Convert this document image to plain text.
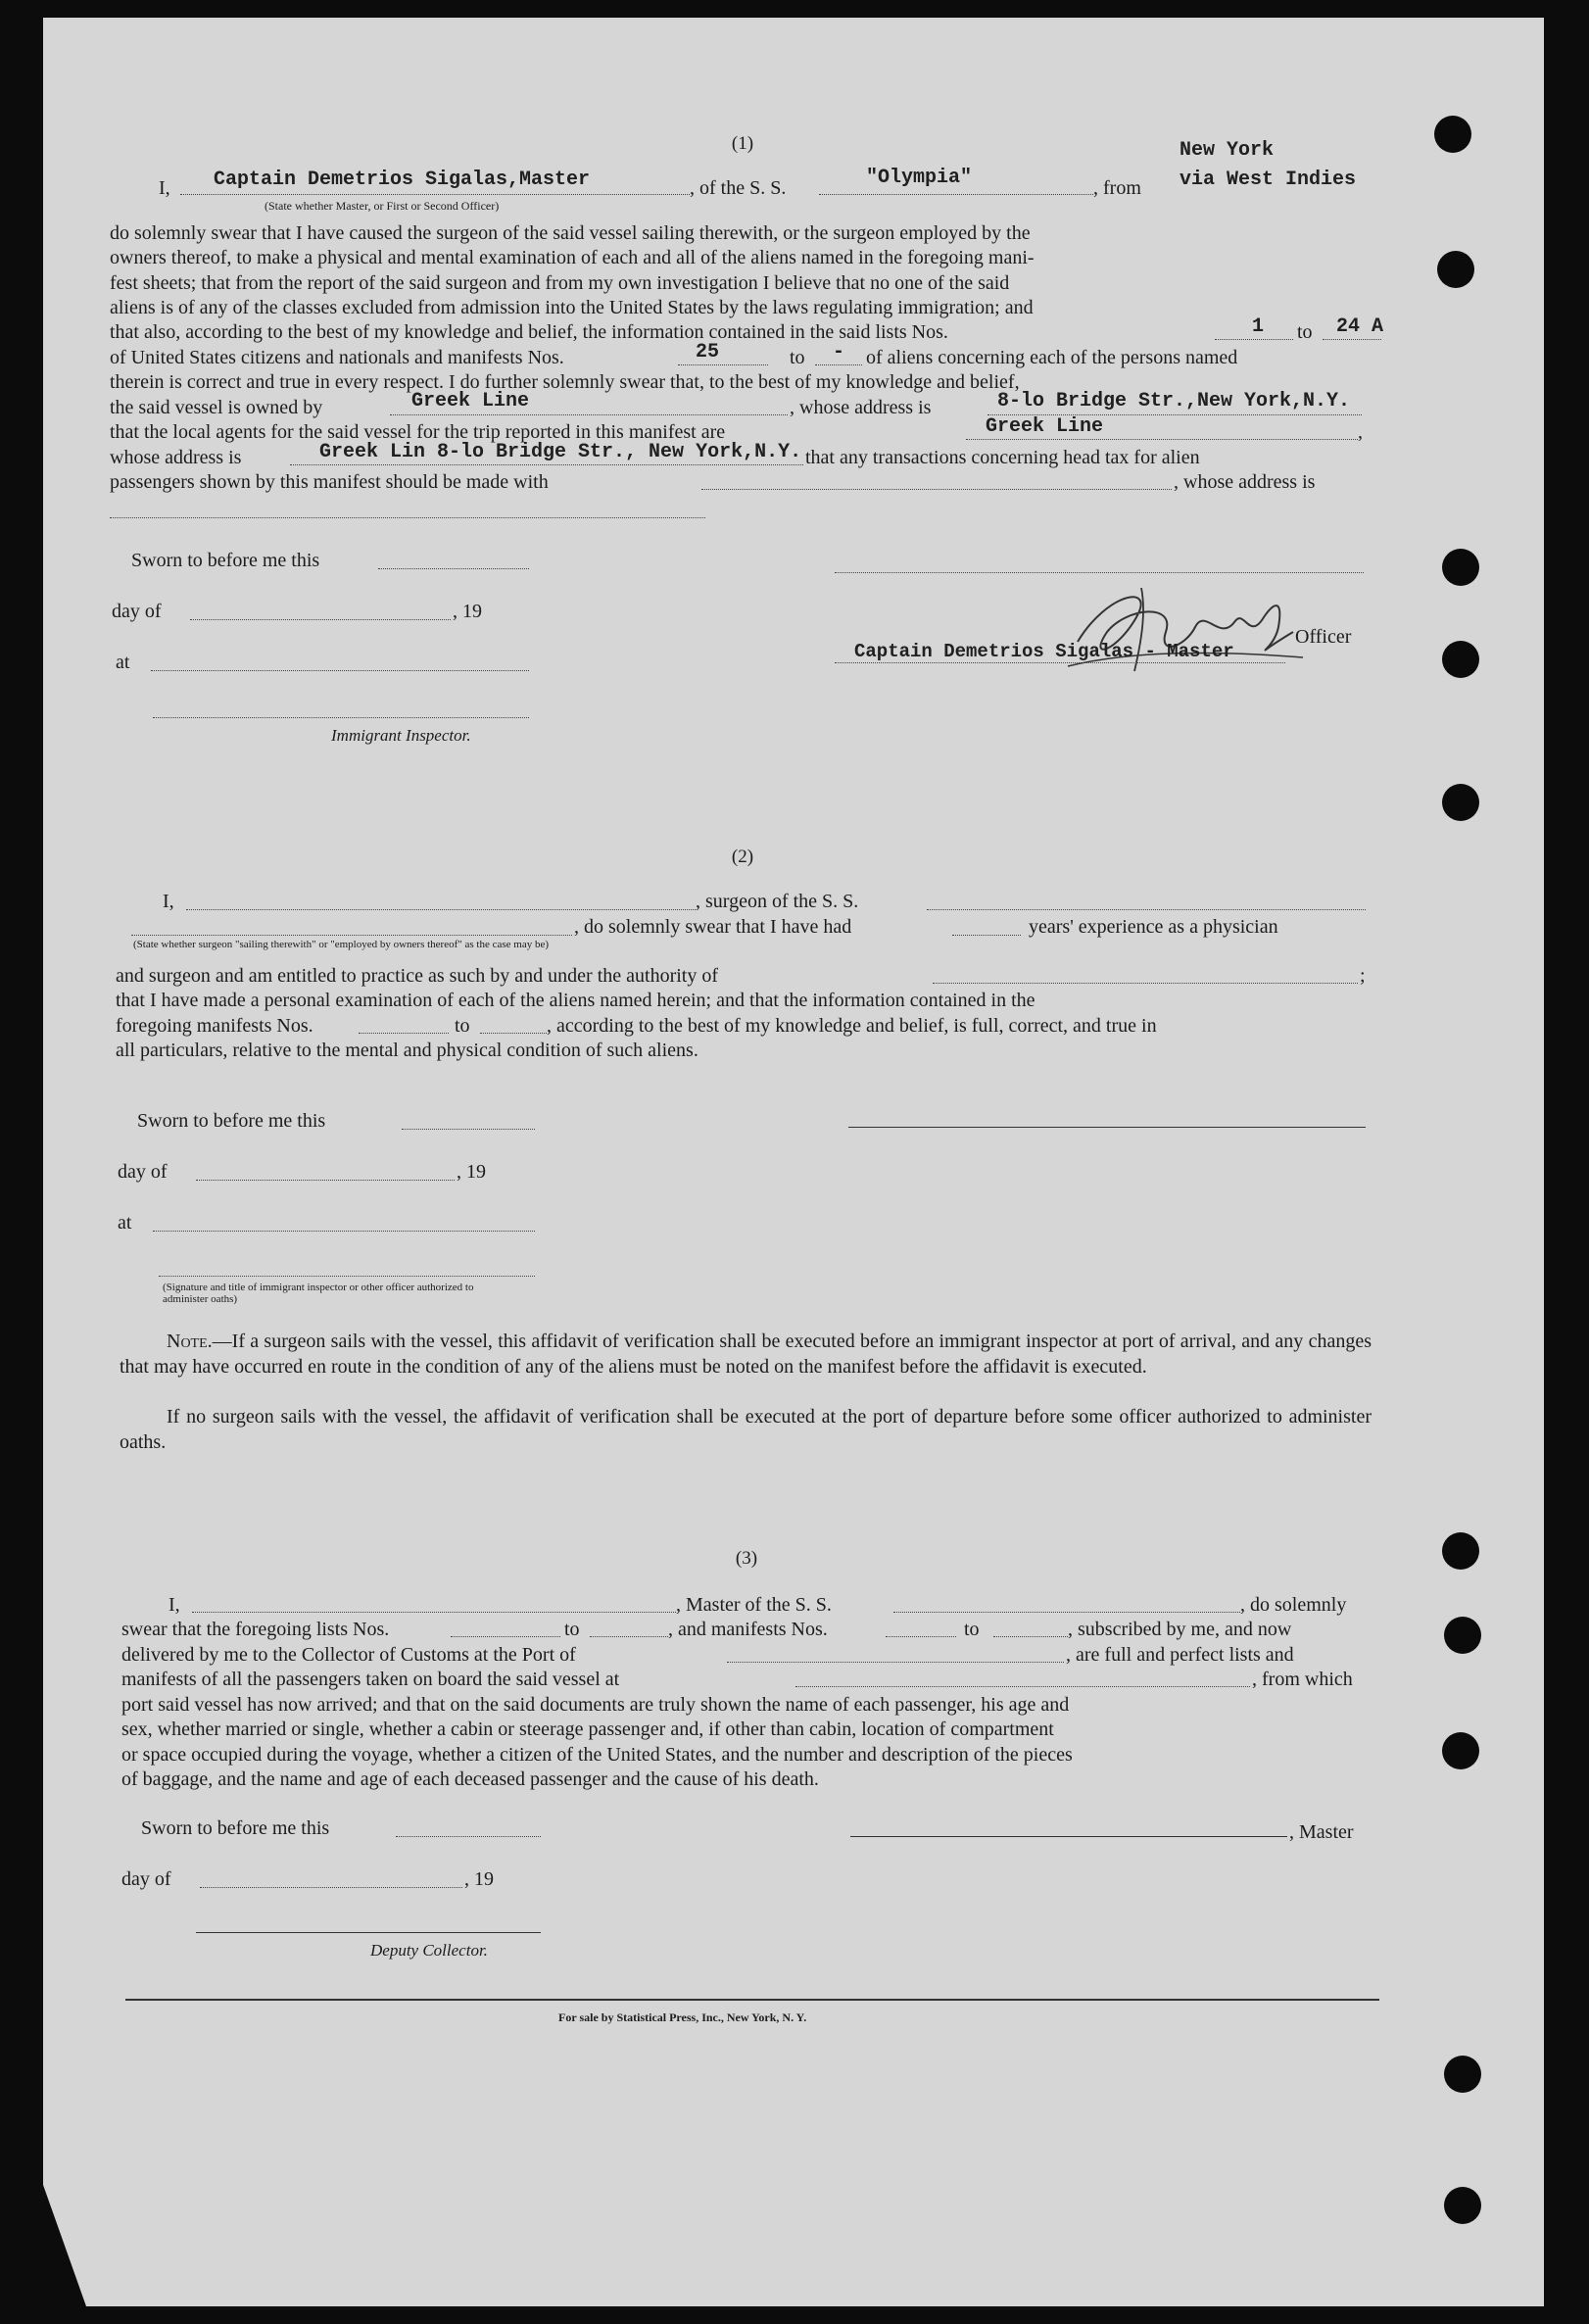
(1)
I, Captain Demetrios Sigalas,Master	, of the S. S.	"Olympia"	, from
New York
via West Indies
(State whether Master, or First or Second Officer)
do solemnly swear that I have caused the surgeon of the said vessel sailing therewith, or the surgeon employed by the
owners thereof, to make a physical and mental examination of each and all of the aliens named in the foregoing mani-
fest sheets; that from the report of the said surgeon and from my own investigation I believe that no one of the said
aliens is of any of the classes excluded from admission into the United States by the laws regulating immigration; and
that also, according to the best of my knowledge and belief, the information contained in the said lists Nos.	1 to 24 A
of United States citizens and nationals and manifests Nos.	25	to - of aliens concerning each of the persons named
therein is correct and true in every respect. I do further solemnly swear that, to the best of my knowledge and belief,
the said vessel is owned by	Greek Line	, whose address is	8-lo Bridge Str.,New York,N.Y.
that the local agents for the said vessel for the trip reported in this manifest are	Greek Line	,
whose address is	Greek Lin 8-lo Bridge Str., New York,N.Y. that any transactions concerning head tax for alien
passengers shown by this manifest should be made with	, whose address is
Sworn to before me this
day of	, 19
at
Immigrant Inspector.
Officer
Captain Demetrios Sigalas - Master
(2)
I,	, surgeon of the S. S.
, do solemnly swear that I have had	years' experience as a physician
(State whether surgeon "sailing therewith" or "employed by owners thereof" as the case may be)
and surgeon and am entitled to practice as such by and under the authority of	;
that I have made a personal examination of each of the aliens named herein; and that the information contained in the
foregoing manifests Nos.	to	, according to the best of my knowledge and belief, is full, correct, and true in
all particulars, relative to the mental and physical condition of such aliens.
Sworn to before me this
day of	, 19
at
(Signature and title of immigrant inspector or other officer authorized to administer oaths)
Note.—If a surgeon sails with the vessel, this affidavit of verification shall be executed before an immigrant inspector at port of arrival, and any changes that may have occurred en route in the condition of any of the aliens must be noted on the manifest before the affidavit is executed.
If no surgeon sails with the vessel, the affidavit of verification shall be executed at the port of departure before some officer authorized to administer oaths.
(3)
I,	, Master of the S. S.	, do solemnly
swear that the foregoing lists Nos.	to	, and manifests Nos.	to	, subscribed by me, and now
delivered by me to the Collector of Customs at the Port of	, are full and perfect lists and
manifests of all the passengers taken on board the said vessel at	, from which
port said vessel has now arrived; and that on the said documents are truly shown the name of each passenger, his age and
sex, whether married or single, whether a cabin or steerage passenger and, if other than cabin, location of compartment
or space occupied during the voyage, whether a citizen of the United States, and the number and description of the pieces
of baggage, and the name and age of each deceased passenger and the cause of his death.
Sworn to before me this	, Master
day of	, 19
Deputy Collector.
For sale by Statistical Press, Inc., New York, N. Y.
